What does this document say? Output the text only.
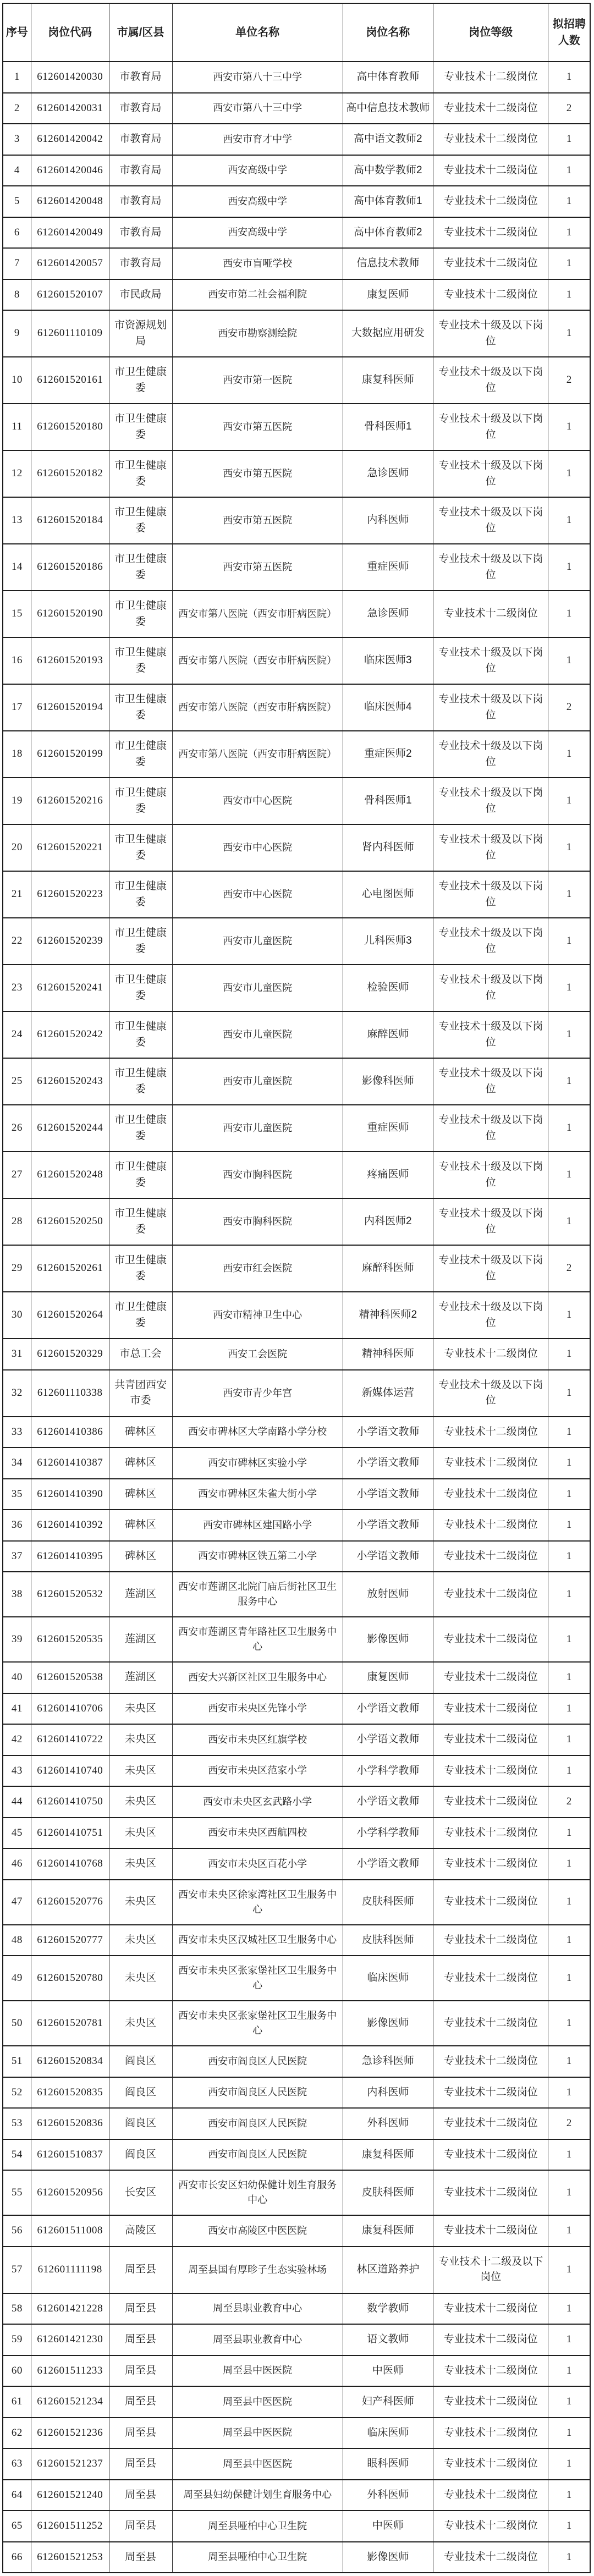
序号	岗位代码	市属/区县	单位名称	岗位名称	岗位等级	拟招聘人数
1	612601420030	市教育局	西安市第八十三中学	高中体育教师	专业技术十二级岗位	1
2	612601420031	市教育局	西安市第八十三中学	高中信息技术教师	专业技术十二级岗位	2
3	612601420042	市教育局	西安市育才中学	高中语文教师2	专业技术十二级岗位	1
4	612601420046	市教育局	西安高级中学	高中数学教师2	专业技术十二级岗位	1
5	612601420048	市教育局	西安高级中学	高中体育教师1	专业技术十二级岗位	1
6	612601420049	市教育局	西安高级中学	高中体育教师2	专业技术十二级岗位	1
7	612601420057	市教育局	西安市盲哑学校	信息技术教师	专业技术十二级岗位	1
8	612601520107	市民政局	西安市第二社会福利院	康复医师	专业技术十二级岗位	1
9	612601110109	市资源规划局	西安市勘察测绘院	大数据应用研发	专业技术十级及以下岗位	1
10	612601520161	市卫生健康委	西安市第一医院	康复科医师	专业技术十级及以下岗位	2
11	612601520180	市卫生健康委	西安市第五医院	骨科医师1	专业技术十级及以下岗位	1
12	612601520182	市卫生健康委	西安市第五医院	急诊医师	专业技术十级及以下岗位	1
13	612601520184	市卫生健康委	西安市第五医院	内科医师	专业技术十级及以下岗位	1
14	612601520186	市卫生健康委	西安市第五医院	重症医师	专业技术十级及以下岗位	1
15	612601520190	市卫生健康委	西安市第八医院（西安市肝病医院）	急诊医师	专业技术十二级岗位	1
16	612601520193	市卫生健康委	西安市第八医院（西安市肝病医院）	临床医师3	专业技术十级及以下岗位	1
17	612601520194	市卫生健康委	西安市第八医院（西安市肝病医院）	临床医师4	专业技术十级及以下岗位	2
18	612601520199	市卫生健康委	西安市第八医院（西安市肝病医院）	重症医师2	专业技术十级及以下岗位	1
19	612601520216	市卫生健康委	西安市中心医院	骨科医师1	专业技术十级及以下岗位	1
20	612601520221	市卫生健康委	西安市中心医院	肾内科医师	专业技术十级及以下岗位	1
21	612601520223	市卫生健康委	西安市中心医院	心电图医师	专业技术十级及以下岗位	1
22	612601520239	市卫生健康委	西安市儿童医院	儿科医师3	专业技术十级及以下岗位	1
23	612601520241	市卫生健康委	西安市儿童医院	检验医师	专业技术十级及以下岗位	1
24	612601520242	市卫生健康委	西安市儿童医院	麻醉医师	专业技术十级及以下岗位	1
25	612601520243	市卫生健康委	西安市儿童医院	影像科医师	专业技术十级及以下岗位	1
26	612601520244	市卫生健康委	西安市儿童医院	重症医师	专业技术十级及以下岗位	1
27	612601520248	市卫生健康委	西安市胸科医院	疼痛医师	专业技术十级及以下岗位	1
28	612601520250	市卫生健康委	西安市胸科医院	内科医师2	专业技术十级及以下岗位	1
29	612601520261	市卫生健康委	西安市红会医院	麻醉科医师	专业技术十级及以下岗位	2
30	612601520264	市卫生健康委	西安市精神卫生中心	精神科医师2	专业技术十级及以下岗位	1
31	612601520329	市总工会	西安工会医院	精神科医师	专业技术十二级岗位	1
32	612601110338	共青团西安市委	西安市青少年宫	新媒体运营	专业技术十级及以下岗位	1
33	612601410386	碑林区	西安市碑林区大学南路小学分校	小学语文教师	专业技术十二级岗位	1
34	612601410387	碑林区	西安市碑林区实验小学	小学语文教师	专业技术十二级岗位	1
35	612601410390	碑林区	西安市碑林区朱雀大街小学	小学语文教师	专业技术十二级岗位	1
36	612601410392	碑林区	西安市碑林区建国路小学	小学语文教师	专业技术十二级岗位	1
37	612601410395	碑林区	西安市碑林区铁五第二小学	小学语文教师	专业技术十二级岗位	1
38	612601520532	莲湖区	西安市莲湖区北院门庙后街社区卫生服务中心	放射医师	专业技术十二级岗位	1
39	612601520535	莲湖区	西安市莲湖区青年路社区卫生服务中心	影像医师	专业技术十二级岗位	1
40	612601520538	莲湖区	西安大兴新区社区卫生服务中心	康复医师	专业技术十二级岗位	1
41	612601410706	未央区	西安市未央区先锋小学	小学语文教师	专业技术十二级岗位	1
42	612601410722	未央区	西安市未央区红旗学校	小学语文教师	专业技术十二级岗位	1
43	612601410740	未央区	西安市未央区范家小学	小学科学教师	专业技术十二级岗位	1
44	612601410750	未央区	西安市未央区玄武路小学	小学语文教师	专业技术十二级岗位	2
45	612601410751	未央区	西安市未央区西航四校	小学科学教师	专业技术十二级岗位	1
46	612601410768	未央区	西安市未央区百花小学	小学语文教师	专业技术十二级岗位	1
47	612601520776	未央区	西安市未央区徐家湾社区卫生服务中心	皮肤科医师	专业技术十二级岗位	1
48	612601520777	未央区	西安市未央区汉城社区卫生服务中心	皮肤科医师	专业技术十二级岗位	1
49	612601520780	未央区	西安市未央区张家堡社区卫生服务中心	临床医师	专业技术十二级岗位	1
50	612601520781	未央区	西安市未央区张家堡社区卫生服务中心	影像医师	专业技术十二级岗位	1
51	612601520834	阎良区	西安市阎良区人民医院	急诊科医师	专业技术十二级岗位	1
52	612601520835	阎良区	西安市阎良区人民医院	内科医师	专业技术十二级岗位	1
53	612601520836	阎良区	西安市阎良区人民医院	外科医师	专业技术十二级岗位	2
54	612601510837	阎良区	西安市阎良区人民医院	康复科医师	专业技术十二级岗位	1
55	612601520956	长安区	西安市长安区妇幼保健计划生育服务中心	皮肤科医师	专业技术十二级岗位	1
56	612601511008	高陵区	西安市高陵区中医医院	康复科医师	专业技术十二级岗位	1
57	612601111198	周至县	周至县国有厚畛子生态实验林场	林区道路养护	专业技术十二级及以下岗位	1
58	612601421228	周至县	周至县职业教育中心	数学教师	专业技术十二级岗位	1
59	612601421230	周至县	周至县职业教育中心	语文教师	专业技术十二级岗位	1
60	612601511233	周至县	周至县中医医院	中医师	专业技术十二级岗位	1
61	612601521234	周至县	周至县中医医院	妇产科医师	专业技术十二级岗位	1
62	612601521236	周至县	周至县中医医院	临床医师	专业技术十二级岗位	1
63	612601521237	周至县	周至县中医医院	眼科医师	专业技术十二级岗位	1
64	612601521240	周至县	周至县妇幼保健计划生育服务中心	外科医师	专业技术十二级岗位	1
65	612601511252	周至县	周至县哑柏中心卫生院	中医师	专业技术十二级岗位	1
66	612601521253	周至县	周至县哑柏中心卫生院	影像医师	专业技术十二级岗位	1
